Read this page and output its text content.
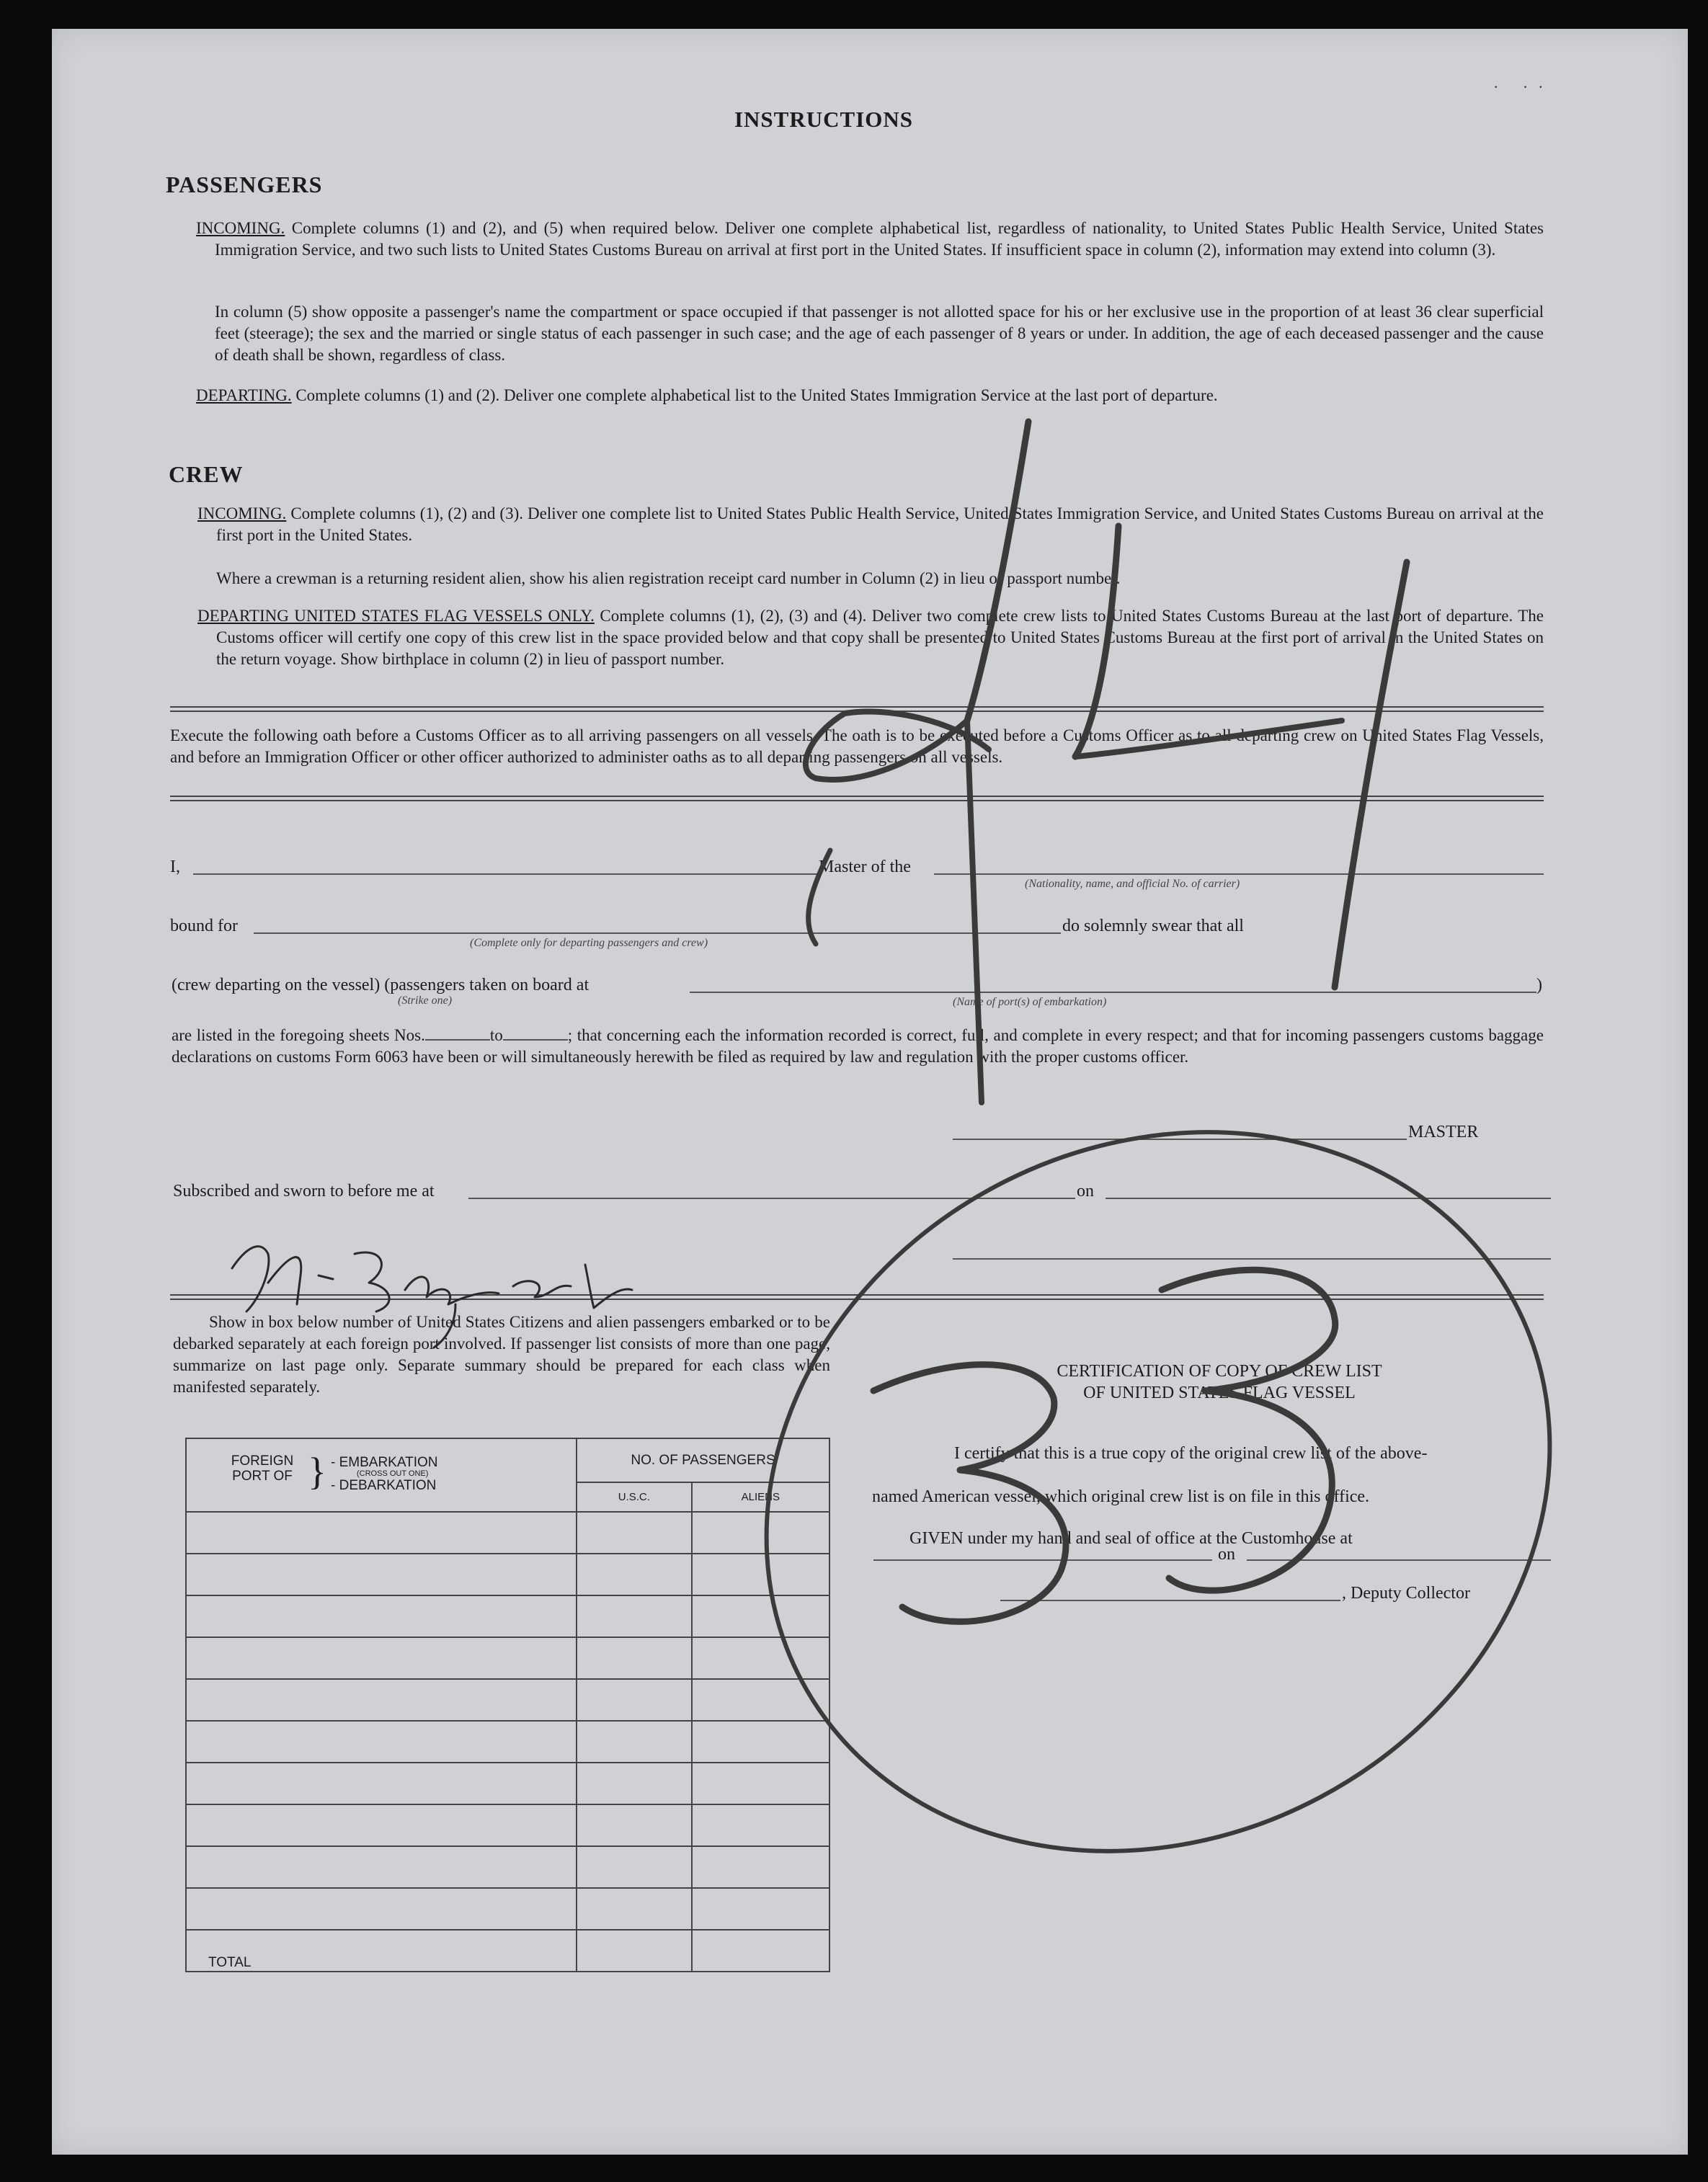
INSTRUCTIONS
PASSENGERS
INCOMING. Complete columns (1) and (2), and (5) when required below. Deliver one complete alphabetical list, regardless of nationality, to United States Public Health Service, United States Immigration Service, and two such lists to United States Customs Bureau on arrival at first port in the United States. If insufficient space in column (2), information may extend into column (3).
In column (5) show opposite a passenger's name the compartment or space occupied if that passenger is not allotted space for his or her exclusive use in the proportion of at least 36 clear superficial feet (steerage); the sex and the married or single status of each passenger in such case; and the age of each passenger of 8 years or under. In addition, the age of each deceased passenger and the cause of death shall be shown, regardless of class.
DEPARTING. Complete columns (1) and (2). Deliver one complete alphabetical list to the United States Immigration Service at the last port of departure.
CREW
INCOMING. Complete columns (1), (2) and (3). Deliver one complete list to United States Public Health Service, United States Immigration Service, and United States Customs Bureau on arrival at the first port in the United States.
Where a crewman is a returning resident alien, show his alien registration receipt card number in Column (2) in lieu of passport number.
DEPARTING UNITED STATES FLAG VESSELS ONLY. Complete columns (1), (2), (3) and (4). Deliver two complete crew lists to United States Customs Bureau at the last port of departure. The Customs officer will certify one copy of this crew list in the space provided below and that copy shall be presented to United States Customs Bureau at the first port of arrival in the United States on the return voyage. Show birthplace in column (2) in lieu of passport number.
Execute the following oath before a Customs Officer as to all arriving passengers on all vessels. The oath is to be executed before a Customs Officer as to all departing crew on United States Flag Vessels, and before an Immigration Officer or other officer authorized to administer oaths as to all departing passengers on all vessels.
I,	Master of the
(Nationality, name, and official No. of carrier)
bound for
(Complete only for departing passengers and crew)
do solemnly swear that all
(crew departing on the vessel) (passengers taken on board at
(Strike one)	(Name of port(s) of embarkation)
)
are listed in the foregoing sheets Nos.	to	; that concerning each the information recorded is correct, full, and complete in every respect; and that for incoming passengers customs baggage declarations on customs Form 6063 have been or will simultaneously herewith be filed as required by law and regulation with the proper customs officer.
MASTER
Subscribed and sworn to before me at	on
Show in box below number of United States Citizens and alien passengers embarked or to be debarked separately at each foreign port involved. If passenger list consists of more than one page, summarize on last page only. Separate summary should be prepared for each class when manifested separately.
FOREIGN PORT OF } - EMBARKATION
(CROSS OUT ONE)
- DEBARKATION	NO. OF PASSENGERS	
	U.S.C.	ALIENS

TOTAL		
CERTIFICATION OF COPY OF CREW LIST
OF UNITED STATES FLAG VESSEL
I certify that this is a true copy of the original crew list of the above-
named American vessel, which original crew list is on file in this office.
GIVEN under my hand and seal of office at the Customhouse at
on
, Deputy Collector
· ··
